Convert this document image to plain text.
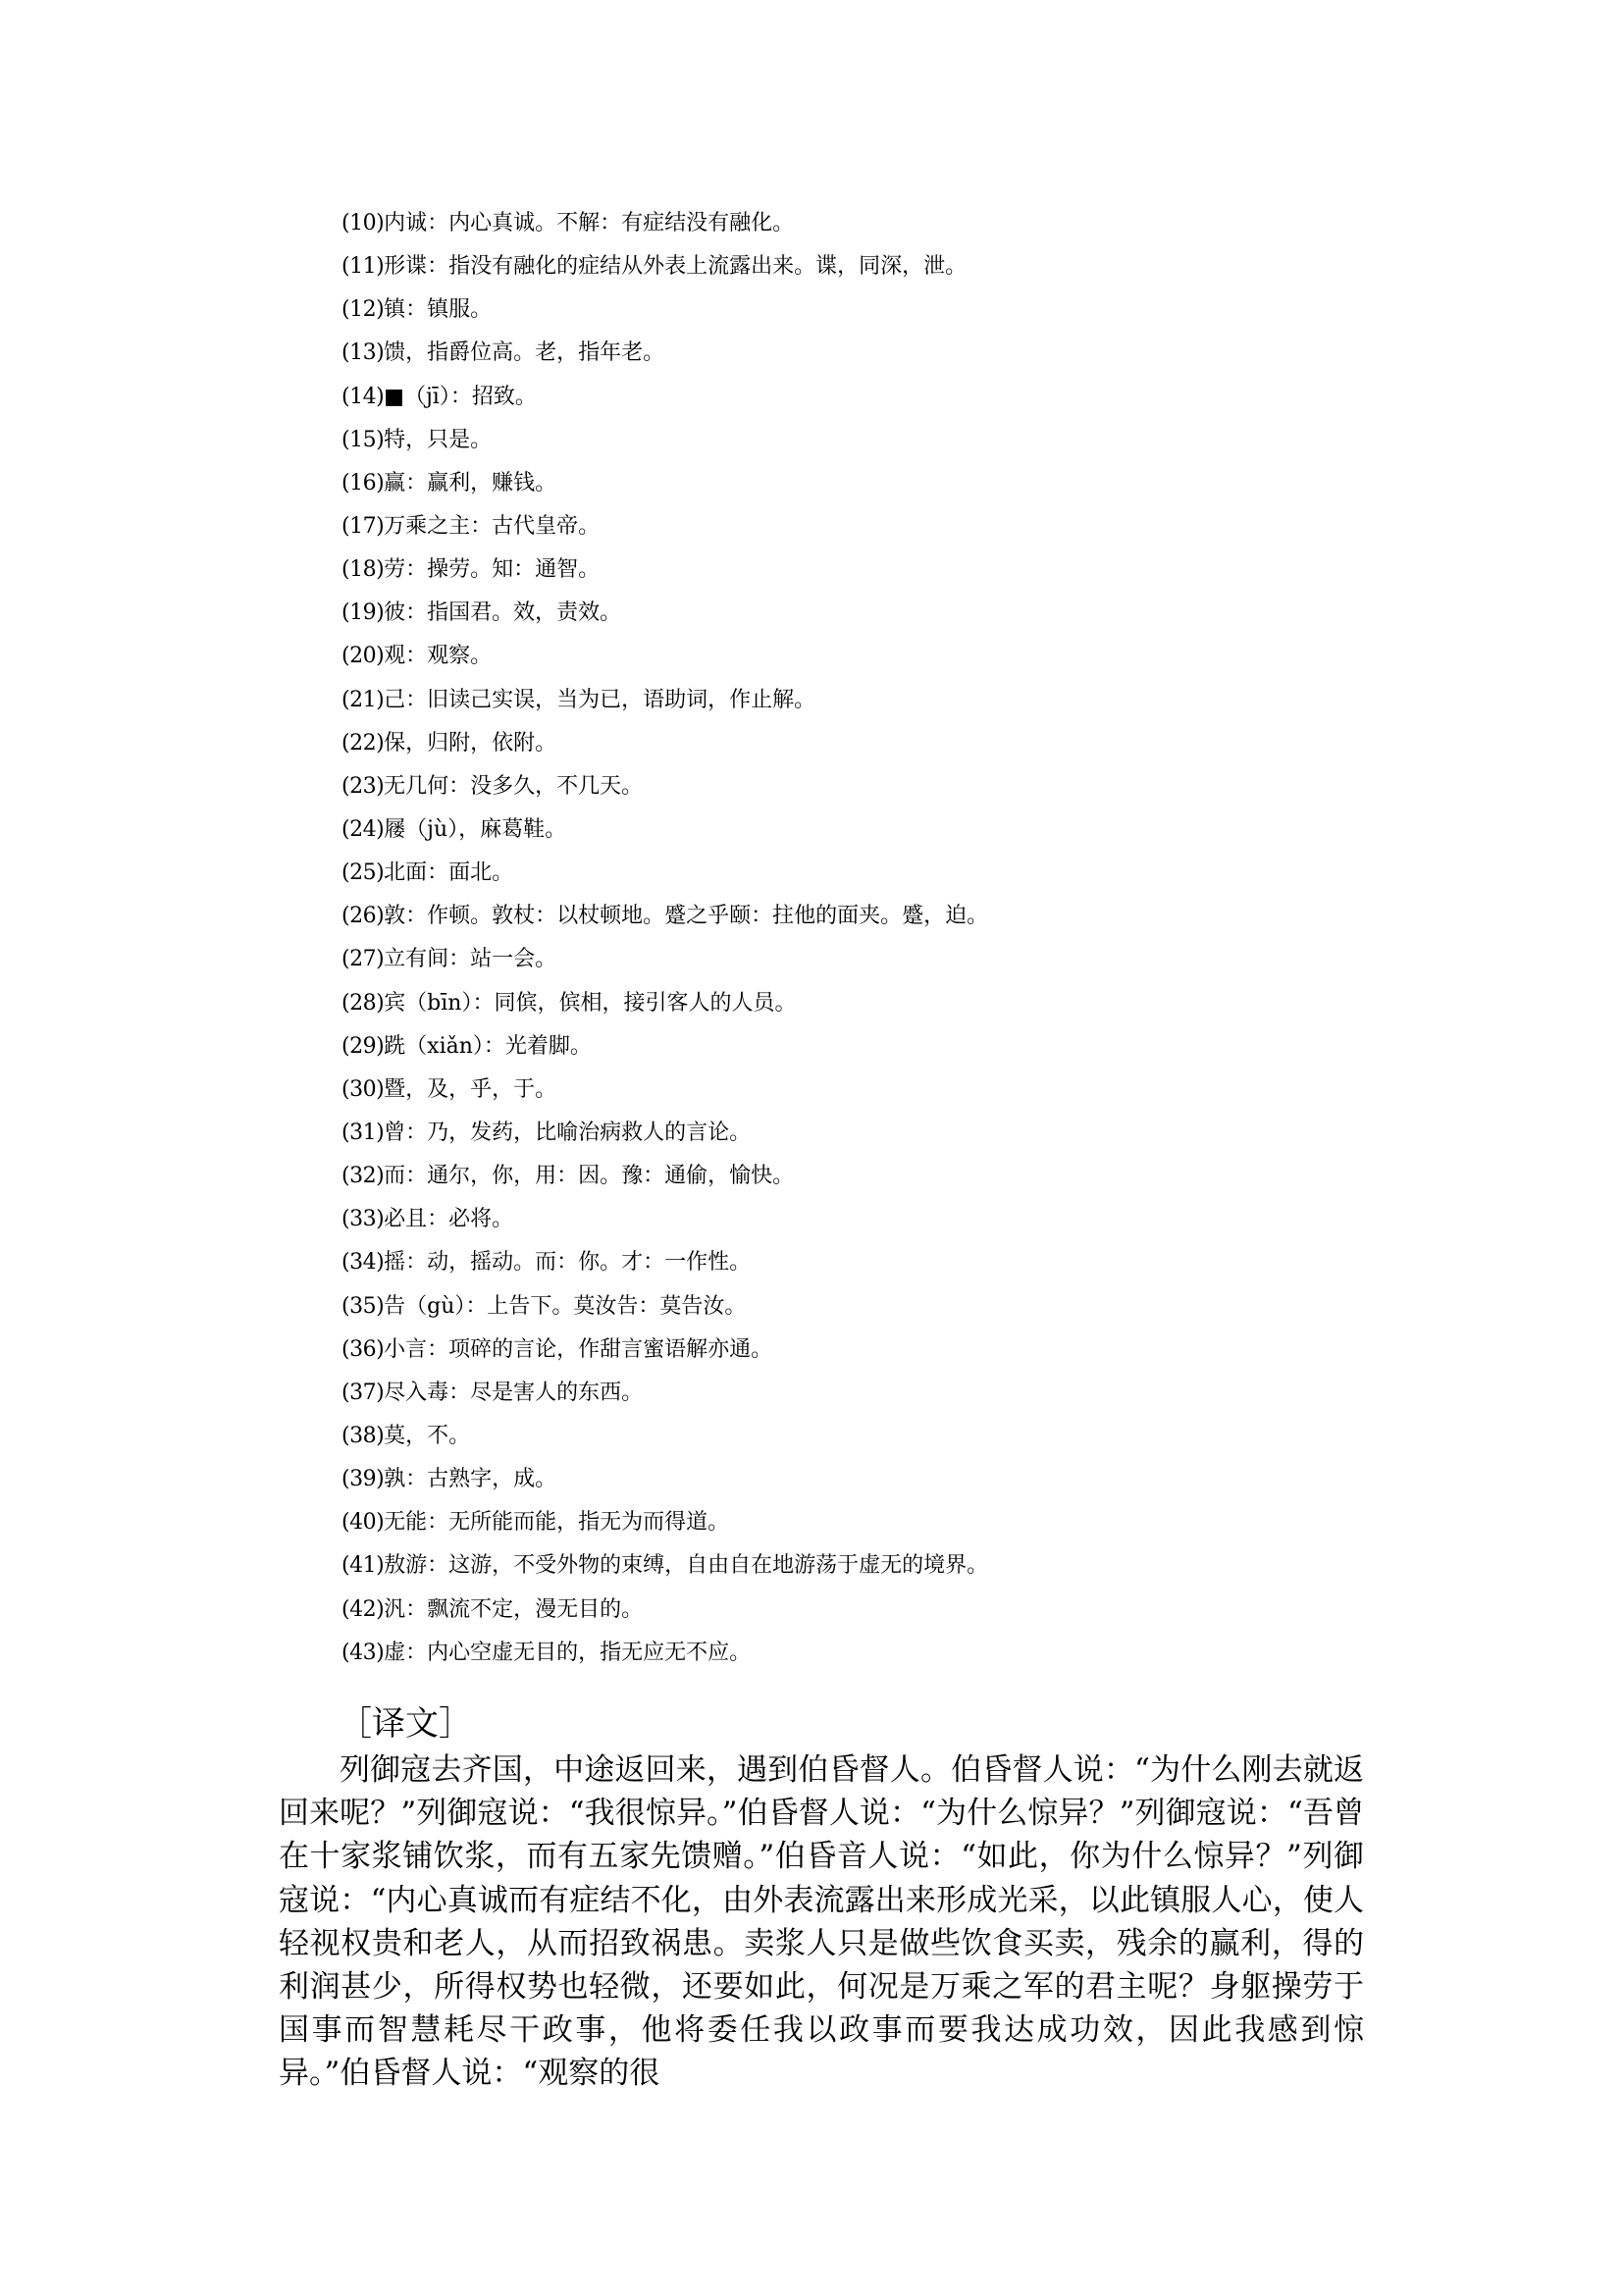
(10)内诚：内心真诚。不解：有症结没有融化。
(11)形谍：指没有融化的症结从外表上流露出来。谍，同深，泄。
(12)镇：镇服。
(13)馈，指爵位高。老，指年老。
(14)■（jī）：招致。
(15)特，只是。
(16)赢：赢利，赚钱。
(17)万乘之主：古代皇帝。
(18)劳：操劳。知：通智。
(19)彼：指国君。效，责效。
(20)观：观察。
(21)己：旧读己实误，当为已，语助词，作止解。
(22)保，归附，依附。
(23)无几何：没多久，不几天。
(24)屦（jù），麻葛鞋。
(25)北面：面北。
(26)敦：作顿。敦杖：以杖顿地。蹙之乎颐：拄他的面夹。蹙，迫。
(27)立有间：站一会。
(28)宾（bīn）：同傧，傧相，接引客人的人员。
(29)跣（xiǎn）：光着脚。
(30)暨，及，乎，于。
(31)曾：乃，发药，比喻治病救人的言论。
(32)而：通尔，你，用：因。豫：通偷，愉快。
(33)必且：必将。
(34)摇：动，摇动。而：你。才：一作性。
(35)告（gù）：上告下。莫汝告：莫告汝。
(36)小言：项碎的言论，作甜言蜜语解亦通。
(37)尽入毒：尽是害人的东西。
(38)莫，不。
(39)孰：古熟字，成。
(40)无能：无所能而能，指无为而得道。
(41)敖游：这游，不受外物的束缚，自由自在地游荡于虚无的境界。
(42)汎：飘流不定，漫无目的。
(43)虚：内心空虚无目的，指无应无不应。
［译文］

列御寇去齐国，中途返回来，遇到伯昏督人。伯昏督人说：“为什么刚去就返回来呢？”列御寇说：“我很惊异。”伯昏督人说：“为什么惊异？”列御寇说：“吾曾在十家浆铺饮浆，而有五家先馈赠。”伯昏音人说：“如此，你为什么惊异？”列御寇说：“内心真诚而有症结不化，由外表流露出来形成光采，以此镇服人心，使人轻视权贵和老人，从而招致祸患。卖浆人只是做些饮食买卖，残余的赢利，得的利润甚少，所得权势也轻微，还要如此，何况是万乘之军的君主呢？身躯操劳于国事而智慧耗尽干政事，他将委任我以政事而要我达成功效，因此我感到惊异。”伯昏督人说：“观察的很
